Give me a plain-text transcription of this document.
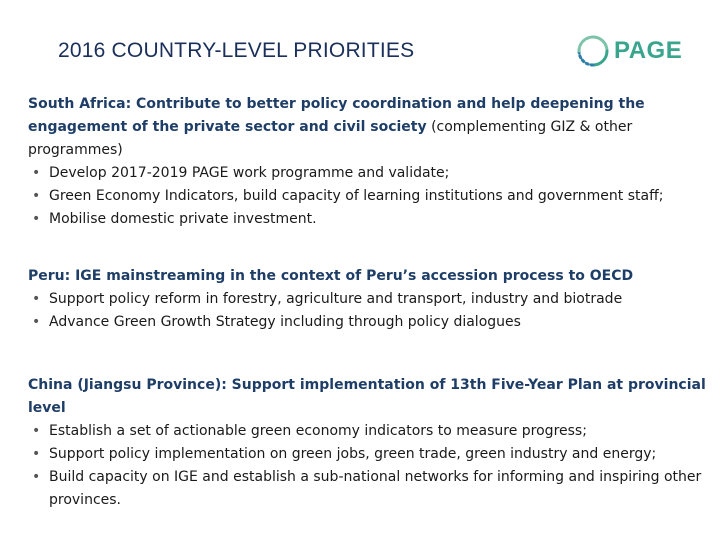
2016 COUNTRY-LEVEL PRIORITIES	PAGE

South Africa: Contribute to better policy coordination and help deepening the engagement of the private sector and civil society (complementing GIZ & other programmes)

• Develop 2017-2019 PAGE work programme and validate;
• Green Economy Indicators, build capacity of learning institutions and government staff;
• Mobilise domestic private investment.

Peru: IGE mainstreaming in the context of Peru’s accession process to OECD

• Support policy reform in forestry, agriculture and transport, industry and biotrade
• Advance Green Growth Strategy including through policy dialogues

China (Jiangsu Province): Support implementation of 13th Five-Year Plan at provincial level

• Establish a set of actionable green economy indicators to measure progress;
• Support policy implementation on green jobs, green trade, green industry and energy;
• Build capacity on IGE and establish a sub-national networks for informing and inspiring other provinces.
